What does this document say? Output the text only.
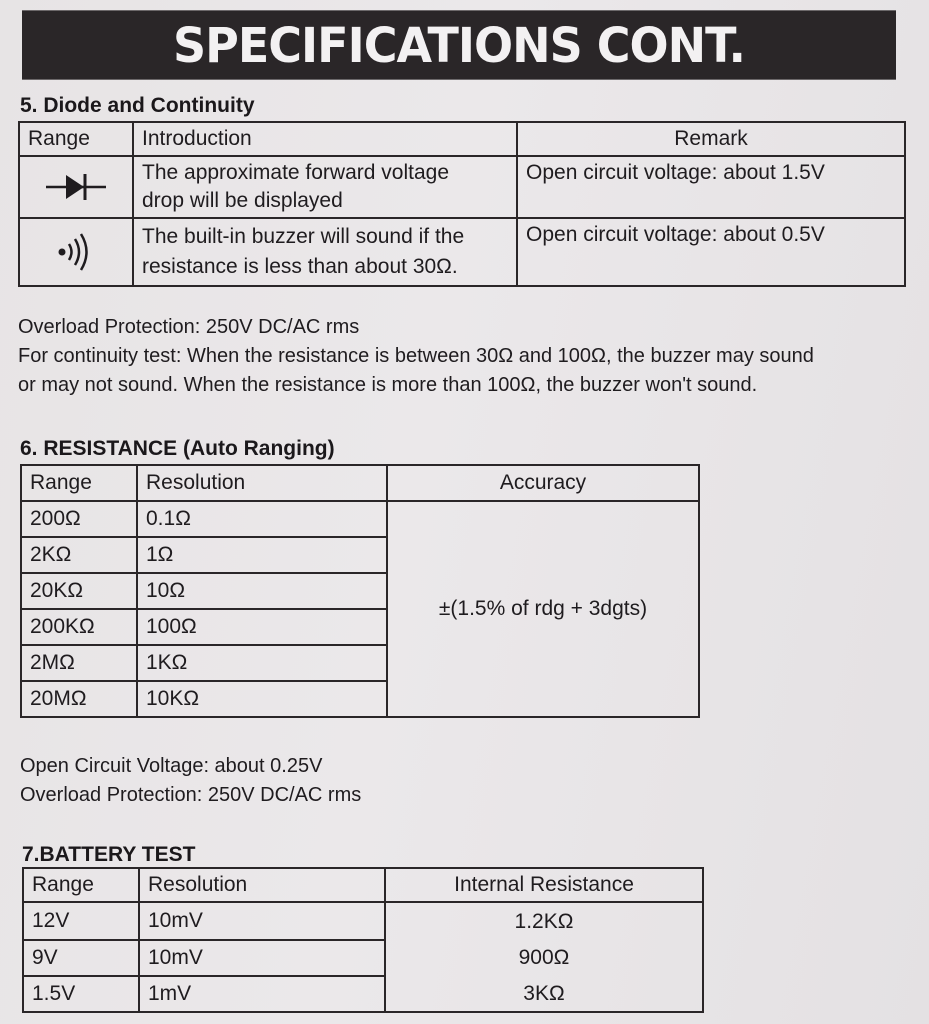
SPECIFICATIONS CONT.
5. Diode and Continuity
Range	Introduction	Remark

The approximate forward voltage
drop will be displayed	Open circuit voltage: about 1.5V

The built-in buzzer will sound if the
resistance is less than about 30Ω.	Open circuit voltage: about 0.5V
Overload Protection: 250V DC/AC rms
For continuity test: When the resistance is between 30Ω and 100Ω, the buzzer may sound
or may not sound. When the resistance is more than 100Ω, the buzzer won't sound.
6. RESISTANCE (Auto Ranging)
Range	Resolution	Accuracy
200Ω	0.1Ω	±(1.5% of rdg + 3dgts)
2KΩ	1Ω	
20KΩ	10Ω	
200KΩ	100Ω	
2MΩ	1KΩ	
20MΩ	10KΩ	
Open Circuit Voltage: about 0.25V
Overload Protection: 250V DC/AC rms
7.BATTERY TEST
Range	Resolution	Internal Resistance
12V	10mV	1.2KΩ
9V	10mV	900Ω
1.5V	1mV	3KΩ
